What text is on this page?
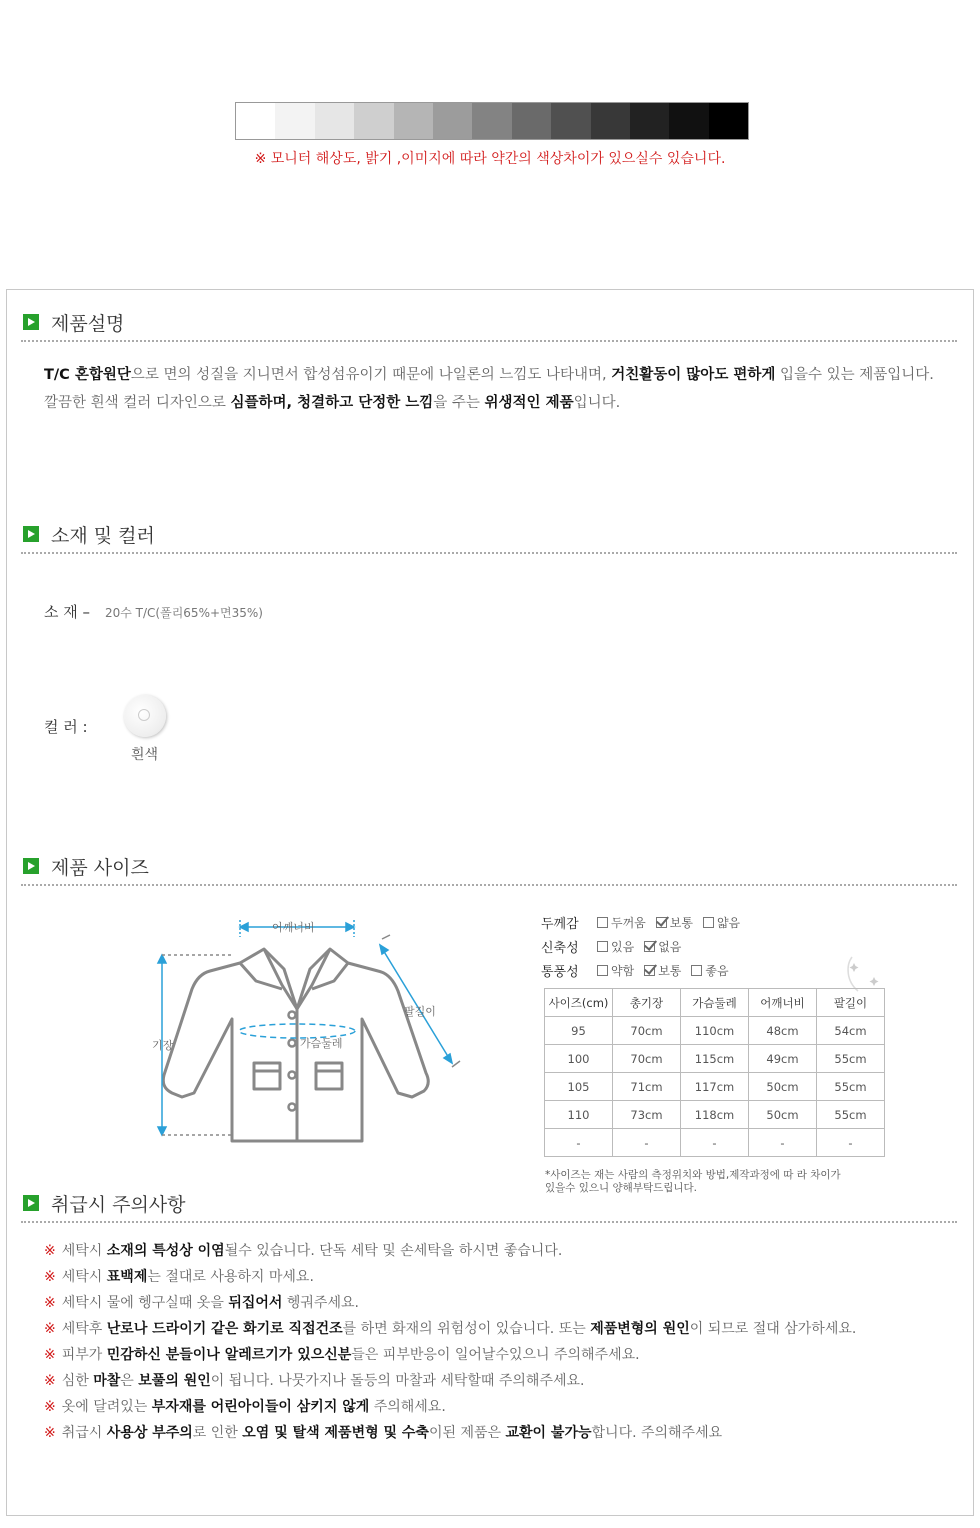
※ 모니터 해상도, 밝기 ,이미지에 따라 약간의 색상차이가 있으실수 있습니다.
제품설명
T/C 혼합원단으로 면의 성질을 지니면서 합성섬유이기 때문에 나일론의 느낌도 나타내며, 거친활동이 많아도 편하게 입을수 있는 제품입니다.
깔끔한 흰색 컬러 디자인으로 심플하며, 청결하고 단정한 느낌을 주는 위생적인 제품입니다.
소재 및 컬러
소 재 – 20수 T/C(폴리65%+면35%)
컬 러 :
흰색
제품 사이즈
어깨너비
기장	가슴둘레
팔길이
두께감	두꺼움 보통 얇음
신축성	있음 없음
통풍성	약함 보통 좋음
사이즈(cm)	총기장	가슴둘레	어깨너비	팔길이
95	70cm	110cm	48cm	54cm
100	70cm	115cm	49cm	55cm
105	71cm	117cm	50cm	55cm
110	73cm	118cm	50cm	55cm
-	-	-	-	-
*사이즈는 재는 사람의 측정위치와 방법,제작과정에 따 라 차이가
있을수 있으니 양해부탁드립니다.
취급시 주의사항
※ 세탁시 소재의 특성상 이염될수 있습니다. 단독 세탁 및 손세탁을 하시면 좋습니다.
※ 세탁시 표백제는 절대로 사용하지 마세요.
※ 세탁시 물에 헹구실때 옷을 뒤집어서 헹궈주세요.
※ 세탁후 난로나 드라이기 같은 화기로 직접건조를 하면 화재의 위험성이 있습니다. 또는 제품변형의 원인이 되므로 절대 삼가하세요.
※ 피부가 민감하신 분들이나 알레르기가 있으신분들은 피부반응이 일어날수있으니 주의해주세요.
※ 심한 마찰은 보풀의 원인이 됩니다. 나뭇가지나 돌등의 마찰과 세탁할때 주의해주세요.
※ 옷에 달려있는 부자재를 어린아이들이 삼키지 않게 주의해세요.
※ 취급시 사용상 부주의로 인한 오염 및 탈색 제품변형 및 수축이된 제품은 교환이 불가능합니다. 주의해주세요
